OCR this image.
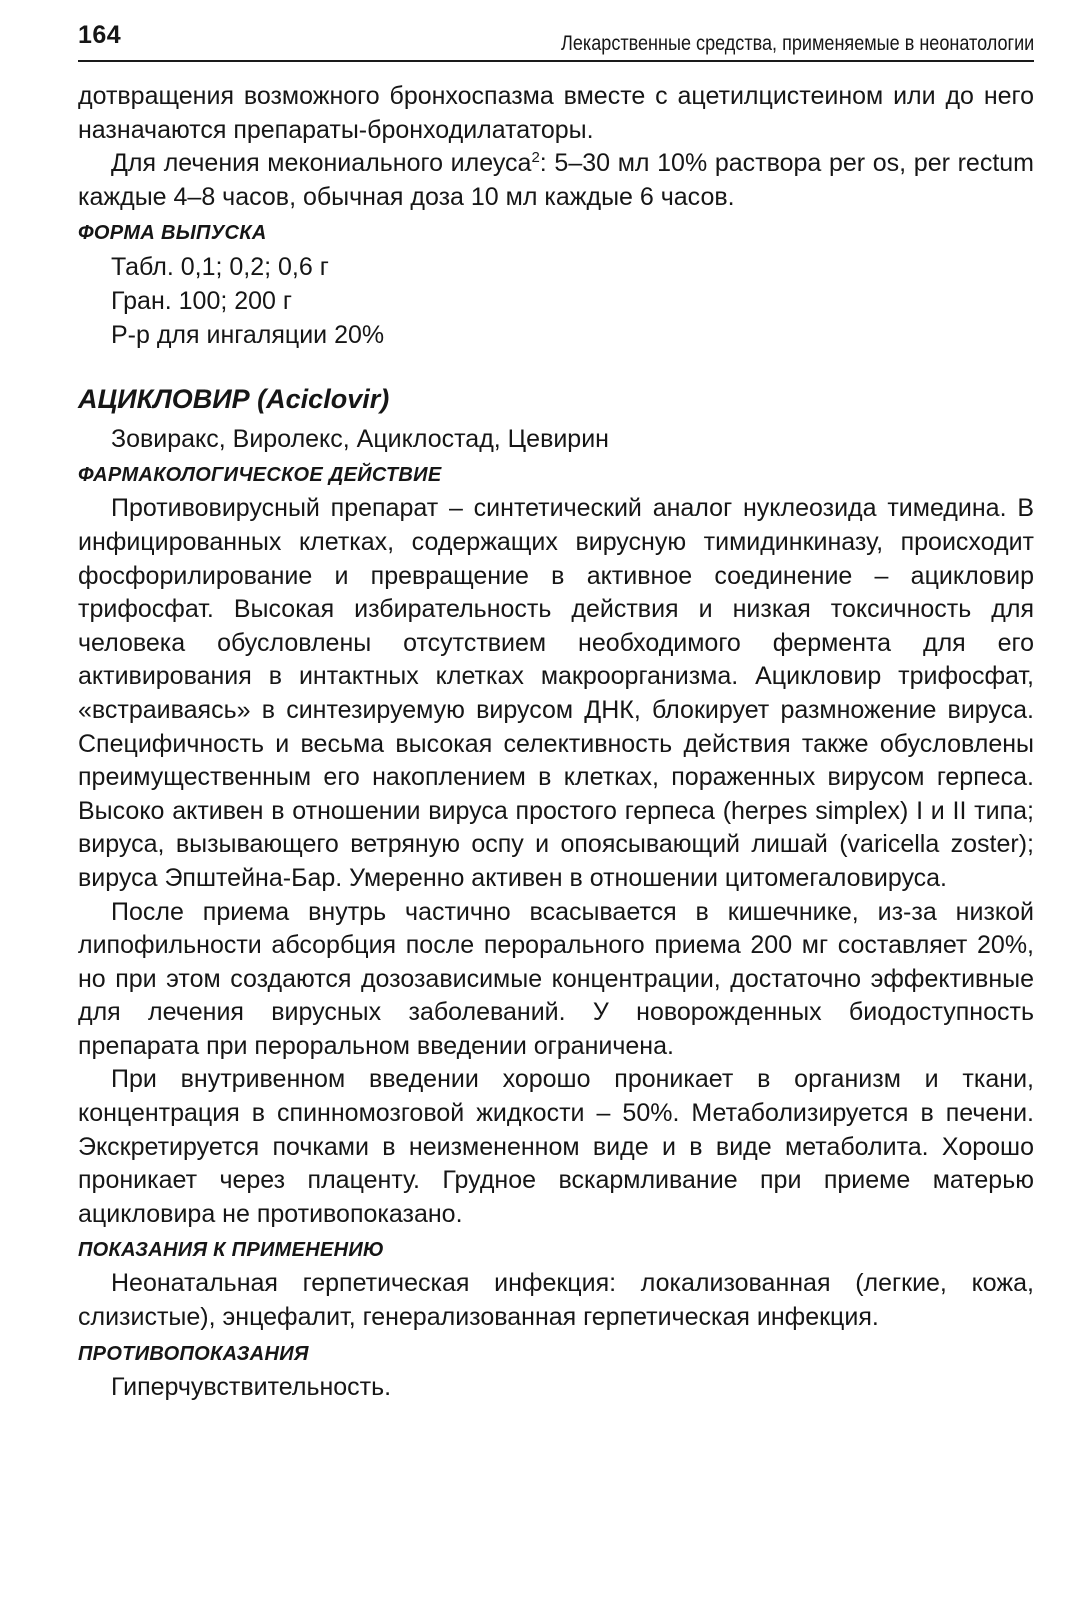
164	Лекарственные средства, применяемые в неонатологии

дотвращения возможного бронхоспазма вместе с ацетилцистеином или до него назначаются препараты-бронходилататоры.

Для лечения мекониального илеуса$^2$: 5–30 мл 10% раствора per os, per rectum каждые 4–8 часов, обычная доза 10 мл каждые 6 часов.

ФОРМА ВЫПУСКА
Табл. 0,1; 0,2; 0,6 г
Гран. 100; 200 г
Р-р для ингаляции 20%
АЦИКЛОВИР (Aciclovir)
Зовиракс, Виролекс, Ациклостад, Цевирин
ФАРМАКОЛОГИЧЕСКОЕ ДЕЙСТВИЕ

Противовирусный препарат – синтетический аналог нуклеозида тимедина. В инфицированных клетках, содержащих вирусную тимидинкиназу, происходит фосфорилирование и превращение в активное соединение – ацикловир трифосфат. Высокая избирательность действия и низкая токсичность для человека обусловлены отсутствием необходимого фермента для его активирования в интактных клетках макроорганизма. Ацикловир трифосфат, «встраиваясь» в синтезируемую вирусом ДНК, блокирует размножение вируса. Специфичность и весьма высокая селективность действия также обусловлены преимущественным его накоплением в клетках, пораженных вирусом герпеса. Высоко активен в отношении вируса простого герпеса (herpes simplex) I и II типа; вируса, вызывающего ветряную оспу и опоясывающий лишай (varicella zoster); вируса Эпштейна-Бар. Умеренно активен в отношении цитомегаловируса.

После приема внутрь частично всасывается в кишечнике, из-за низкой липофильности абсорбция после перорального приема 200 мг составляет 20%, но при этом создаются дозозависимые концентрации, достаточно эффективные для лечения вирусных заболеваний. У новорожденных биодоступность препарата при пероральном введении ограничена.

При внутривенном введении хорошо проникает в организм и ткани, концентрация в спинномозговой жидкости – 50%. Метаболизируется в печени. Экскретируется почками в неизмененном виде и в виде метаболита. Хорошо проникает через плаценту. Грудное вскармливание при приеме матерью ацикловира не противопоказано.

ПОКАЗАНИЯ К ПРИМЕНЕНИЮ

Неонатальная герпетическая инфекция: локализованная (легкие, кожа, слизистые), энцефалит, генерализованная герпетическая инфекция.

ПРОТИВОПОКАЗАНИЯ

Гиперчувствительность.
